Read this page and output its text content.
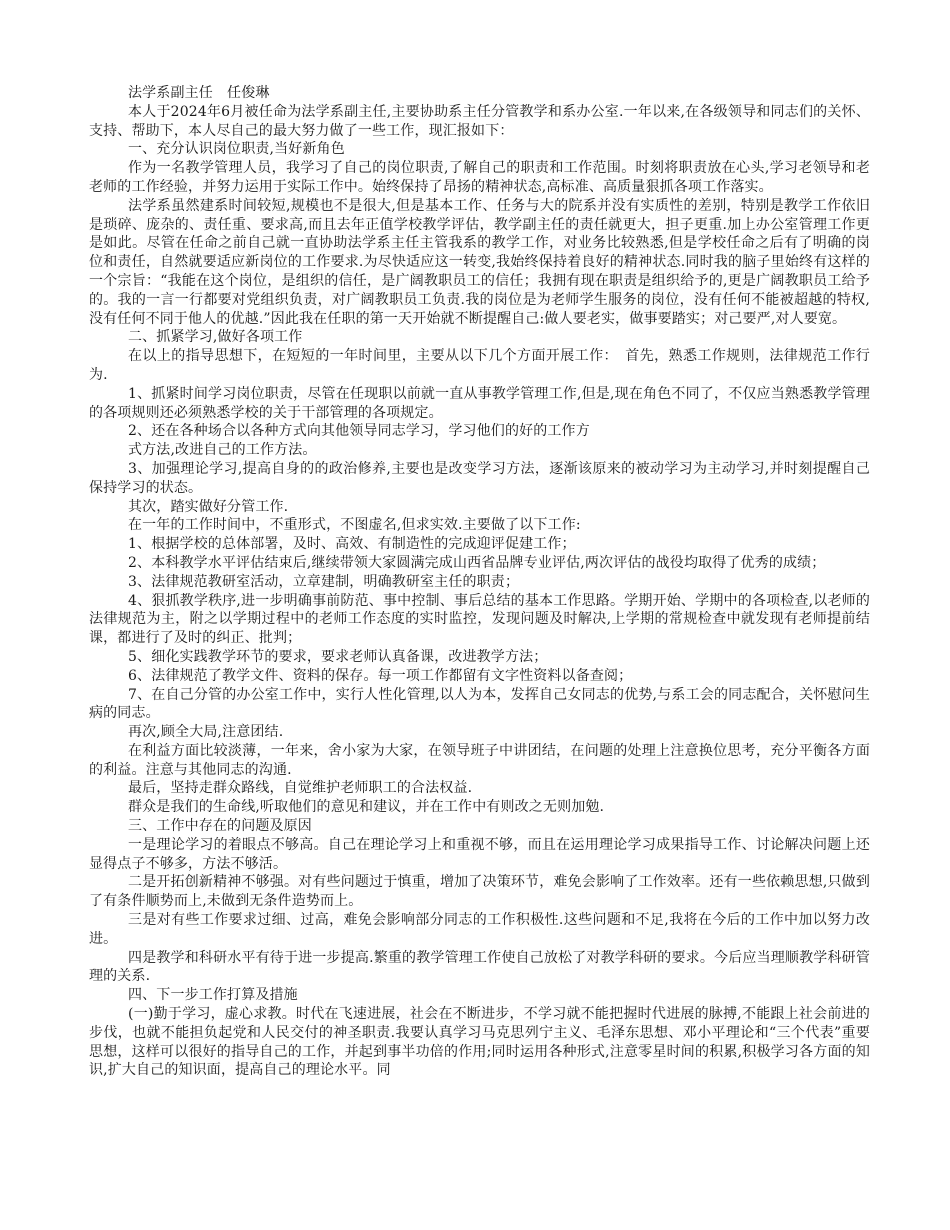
法学系副主任　任俊琳

本人于2024年6月被任命为法学系副主任,主要协助系主任分管教学和系办公室.一年以来,在各级领导和同志们的关怀、支持、帮助下，本人尽自己的最大努力做了一些工作，现汇报如下：

一、充分认识岗位职责,当好新角色

作为一名教学管理人员，我学习了自己的岗位职责,了解自己的职责和工作范围。时刻将职责放在心头,学习老领导和老老师的工作经验，并努力运用于实际工作中。始终保持了昂扬的精神状态,高标准、高质量狠抓各项工作落实。

法学系虽然建系时间较短,规模也不是很大,但是基本工作、任务与大的院系并没有实质性的差别，特别是教学工作依旧是琐碎、庞杂的、责任重、要求高,而且去年正值学校教学评估，教学副主任的责任就更大，担子更重.加上办公室管理工作更是如此。尽管在任命之前自己就一直协助法学系主任主管我系的教学工作，对业务比较熟悉,但是学校任命之后有了明确的岗位和责任，自然就要适应新岗位的工作要求.为尽快适应这一转变,我始终保持着良好的精神状态.同时我的脑子里始终有这样的一个宗旨：“我能在这个岗位，是组织的信任，是广阔教职员工的信任；我拥有现在职责是组织给予的,更是广阔教职员工给予的。我的一言一行都要对党组织负责，对广阔教职员工负责.我的岗位是为老师学生服务的岗位，没有任何不能被超越的特权,没有任何不同于他人的优越.”因此我在任职的第一天开始就不断提醒自己:做人要老实，做事要踏实；对己要严,对人要宽。

二、抓紧学习,做好各项工作

在以上的指导思想下，在短短的一年时间里，主要从以下几个方面开展工作：　首先，熟悉工作规则，法律规范工作行为.

1、抓紧时间学习岗位职责，尽管在任现职以前就一直从事教学管理工作,但是,现在角色不同了，不仅应当熟悉教学管理的各项规则还必须熟悉学校的关于干部管理的各项规定。

2、还在各种场合以各种方式向其他领导同志学习，学习他们的好的工作方

式方法,改进自己的工作方法。

3、加强理论学习,提高自身的的政治修养,主要也是改变学习方法，逐渐该原来的被动学习为主动学习,并时刻提醒自己保持学习的状态。

其次，踏实做好分管工作.

在一年的工作时间中，不重形式，不图虚名,但求实效.主要做了以下工作:

1、根据学校的总体部署，及时、高效、有制造性的完成迎评促建工作；

2、本科教学水平评估结束后,继续带领大家圆满完成山西省品牌专业评估,两次评估的战役均取得了优秀的成绩；

3、法律规范教研室活动，立章建制，明确教研室主任的职责；

4、狠抓教学秩序,进一步明确事前防范、事中控制、事后总结的基本工作思路。学期开始、学期中的各项检查,以老师的法律规范为主，附之以学期过程中的老师工作态度的实时监控，发现问题及时解决,上学期的常规检查中就发现有老师提前结课，都进行了及时的纠正、批判；

5、细化实践教学环节的要求，要求老师认真备课，改进教学方法；

6、法律规范了教学文件、资料的保存。每一项工作都留有文字性资料以备查阅；

7、在自己分管的办公室工作中，实行人性化管理,以人为本，发挥自己女同志的优势,与系工会的同志配合，关怀慰问生病的同志。

再次,顾全大局,注意团结.

在利益方面比较淡薄，一年来，舍小家为大家，在领导班子中讲团结，在问题的处理上注意换位思考，充分平衡各方面的利益。注意与其他同志的沟通.

最后，坚持走群众路线，自觉维护老师职工的合法权益.

群众是我们的生命线,听取他们的意见和建议，并在工作中有则改之无则加勉.

三、工作中存在的问题及原因

一是理论学习的着眼点不够高。自己在理论学习上和重视不够，而且在运用理论学习成果指导工作、讨论解决问题上还显得点子不够多，方法不够活。

二是开拓创新精神不够强。对有些问题过于慎重，增加了决策环节，难免会影响了工作效率。还有一些依赖思想,只做到了有条件顺势而上,未做到无条件造势而上。

三是对有些工作要求过细、过高，难免会影响部分同志的工作积极性.这些问题和不足,我将在今后的工作中加以努力改进。

四是教学和科研水平有待于进一步提高.繁重的教学管理工作使自己放松了对教学科研的要求。今后应当理顺教学科研管理的关系.

四、下一步工作打算及措施

(一)勤于学习，虚心求教。时代在飞速进展，社会在不断进步，不学习就不能把握时代进展的脉搏,不能跟上社会前进的步伐，也就不能担负起党和人民交付的神圣职责.我要认真学习马克思列宁主义、毛泽东思想、邓小平理论和“三个代表”重要思想，这样可以很好的指导自己的工作，并起到事半功倍的作用;同时运用各种形式,注意零星时间的积累,积极学习各方面的知识,扩大自己的知识面，提高自己的理论水平。同
